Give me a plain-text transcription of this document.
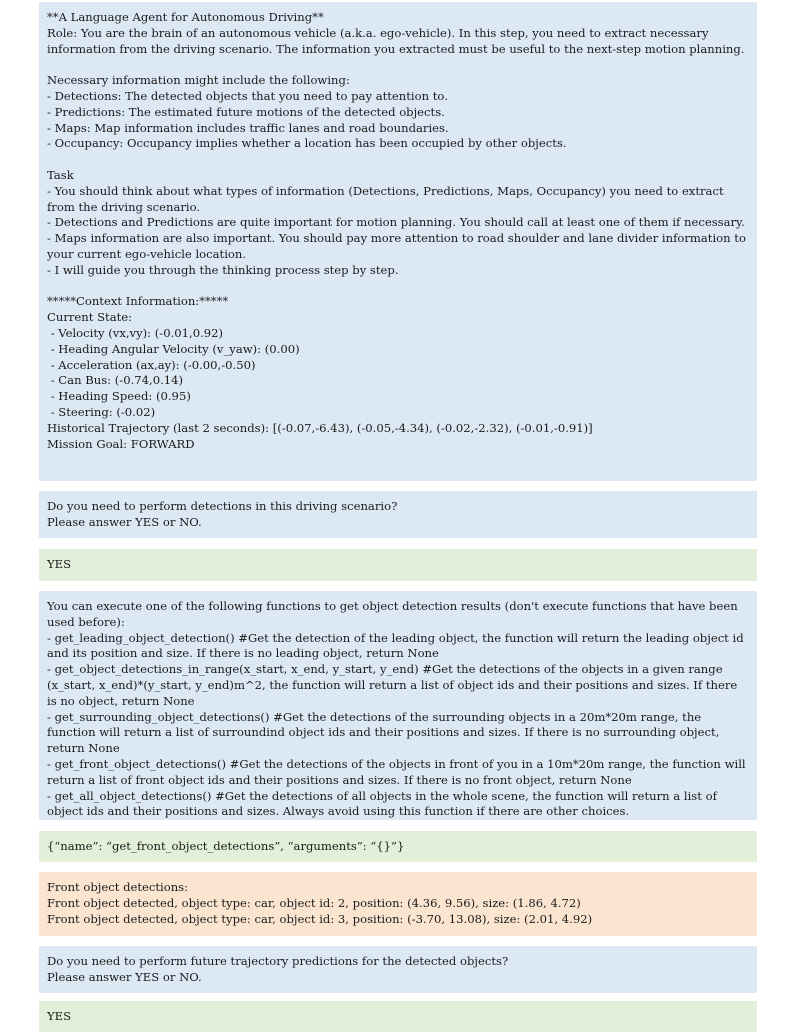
**A Language Agent for Autonomous Driving**
Role: You are the brain of an autonomous vehicle (a.k.a. ego-vehicle). In this step, you need to extract necessary information from the driving scenario. The information you extracted must be useful to the next-step motion planning.
Necessary information might include the following:
- Detections: The detected objects that you need to pay attention to.
- Predictions: The estimated future motions of the detected objects.
- Maps: Map information includes traffic lanes and road boundaries.
- Occupancy: Occupancy implies whether a location has been occupied by other objects.
Task
- You should think about what types of information (Detections, Predictions, Maps, Occupancy) you need to extract from the driving scenario.
- Detections and Predictions are quite important for motion planning. You should call at least one of them if necessary.
- Maps information are also important. You should pay more attention to road shoulder and lane divider information to your current ego-vehicle location.
- I will guide you through the thinking process step by step.
*****Context Information:*****
Current State:
- Velocity (vx,vy): (-0.01,0.92)
- Heading Angular Velocity (v_yaw): (0.00)
- Acceleration (ax,ay): (-0.00,-0.50)
- Can Bus: (-0.74,0.14)
- Heading Speed: (0.95)
- Steering: (-0.02)
Historical Trajectory (last 2 seconds): [(-0.07,-6.43), (-0.05,-4.34), (-0.02,-2.32), (-0.01,-0.91)]
Mission Goal: FORWARD
Do you need to perform detections in this driving scenario?
Please answer YES or NO.
YES
You can execute one of the following functions to get object detection results (don't execute functions that have been used before):
- get_leading_object_detection() #Get the detection of the leading object, the function will return the leading object id and its position and size. If there is no leading object, return None
- get_object_detections_in_range(x_start, x_end, y_start, y_end) #Get the detections of the objects in a given range (x_start, x_end)*(y_start, y_end)m^2, the function will return a list of object ids and their positions and sizes. If there is no object, return None
- get_surrounding_object_detections() #Get the detections of the surrounding objects in a 20m*20m range, the function will return a list of surroundind object ids and their positions and sizes. If there is no surrounding object, return None
- get_front_object_detections() #Get the detections of the objects in front of you in a 10m*20m range, the function will return a list of front object ids and their positions and sizes. If there is no front object, return None
- get_all_object_detections() #Get the detections of all objects in the whole scene, the function will return a list of object ids and their positions and sizes. Always avoid using this function if there are other choices.
{“name”: “get_front_object_detections”, “arguments”: “{}”}
Front object detections:
Front object detected, object type: car, object id: 2, position: (4.36, 9.56), size: (1.86, 4.72)
Front object detected, object type: car, object id: 3, position: (-3.70, 13.08), size: (2.01, 4.92)
Do you need to perform future trajectory predictions for the detected objects?
Please answer YES or NO.
YES
